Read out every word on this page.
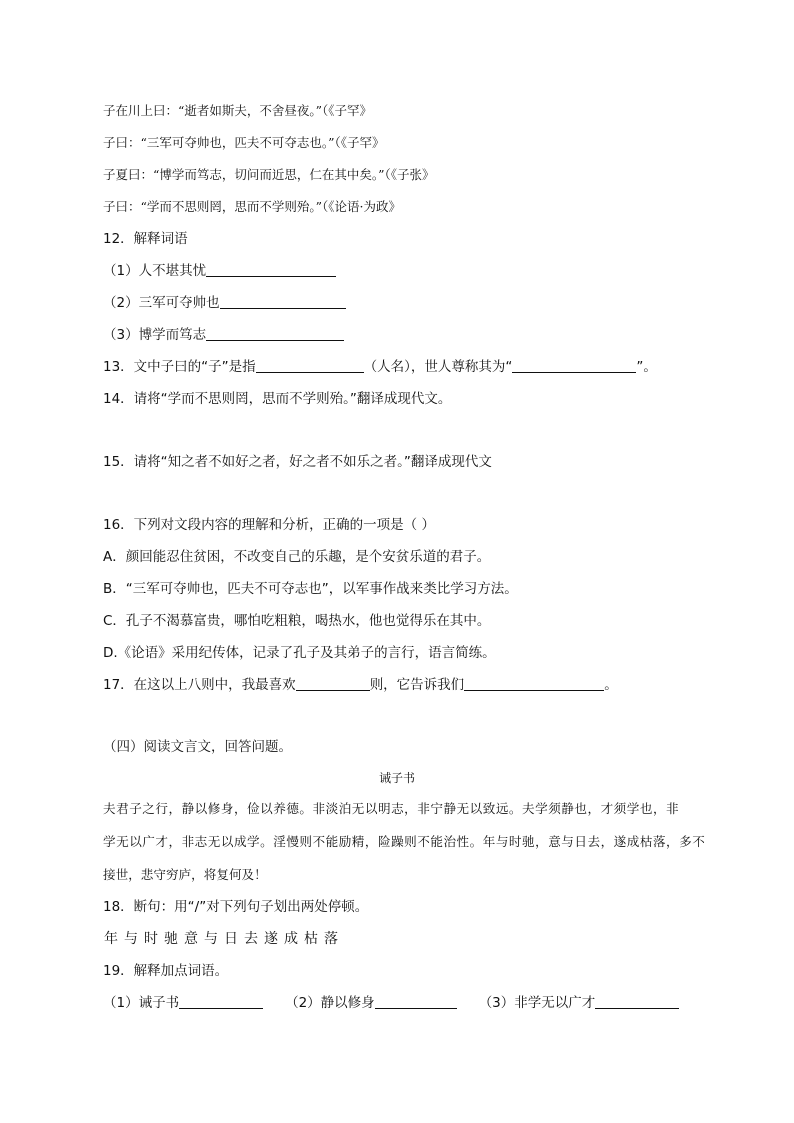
子在川上曰：“逝者如斯夫，不舍昼夜。”（《子罕》
子曰：“三军可夺帅也，匹夫不可夺志也。”（《子罕》
子夏曰：“博学而笃志，切问而近思，仁在其中矣。”（《子张》
子曰：“学而不思则罔，思而不学则殆。”（《论语·为政》
12．解释词语
（1）人不堪其忧
（2）三军可夺帅也
（3）博学而笃志
13．文中子曰的“子”是指	（人名），世人尊称其为“	”。
14．请将“学而不思则罔，思而不学则殆。”翻译成现代文。
15．请将“知之者不如好之者，好之者不如乐之者。”翻译成现代文
16．下列对文段内容的理解和分析，正确的一项是（ ）
A．颜回能忍住贫困，不改变自己的乐趣，是个安贫乐道的君子。
B．“三军可夺帅也，匹夫不可夺志也”，以军事作战来类比学习方法。
C．孔子不渴慕富贵，哪怕吃粗粮，喝热水，他也觉得乐在其中。
D.《论语》采用纪传体，记录了孔子及其弟子的言行，语言简练。
17．在这以上八则中，我最喜欢	则，它告诉我们	。
（四）阅读文言文，回答问题。
诫子书
夫君子之行，静以修身，俭以养德。非淡泊无以明志，非宁静无以致远。夫学须静也，才须学也，非
学无以广才，非志无以成学。淫慢则不能励精，险躁则不能治性。年与时驰，意与日去，遂成枯落，多不
接世，悲守穷庐，将复何及！
18．断句：用“/”对下列句子划出两处停顿。
年与时驰意与日去遂成枯落
19．解释加点词语。
（1）诫子书	（2）静以修身	（3）非学无以广才
